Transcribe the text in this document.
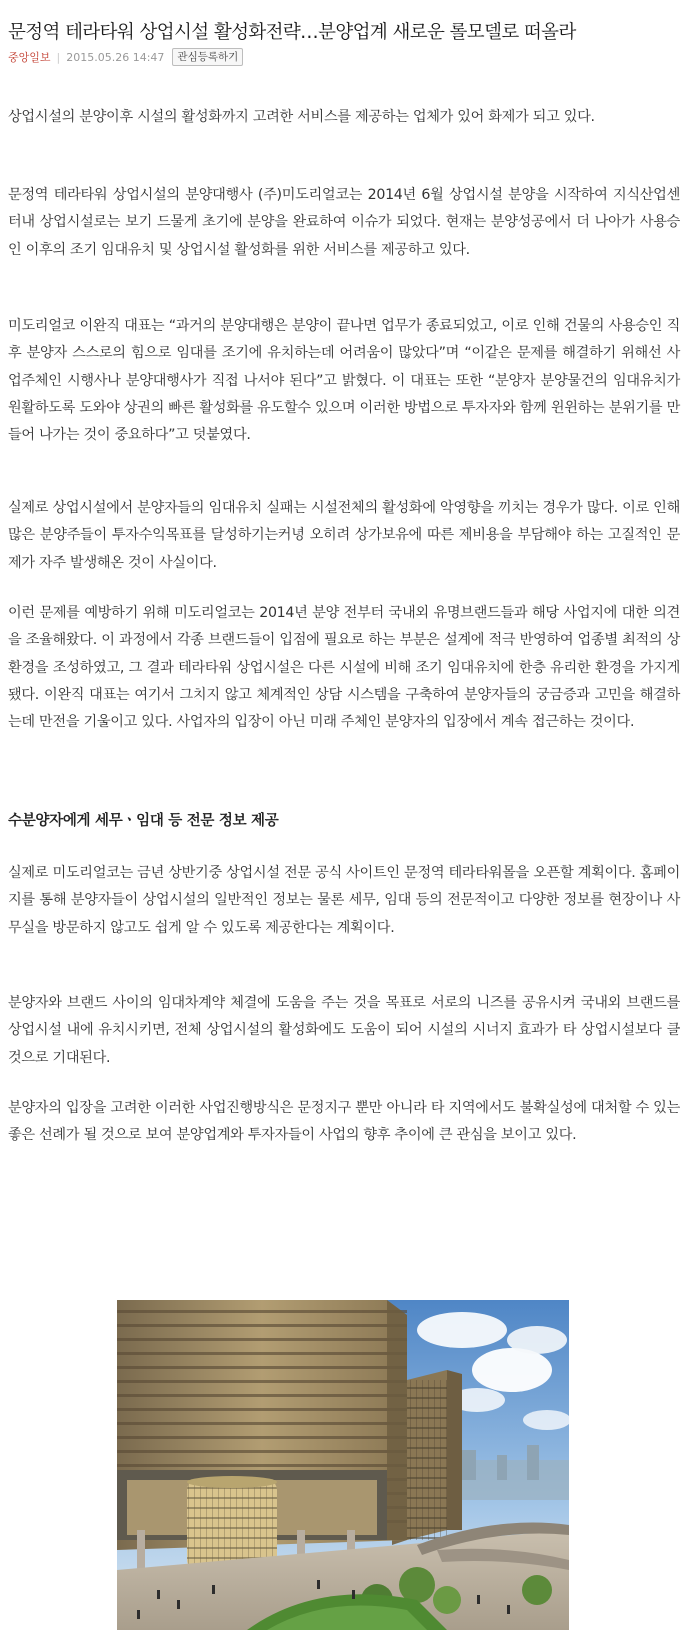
문정역 테라타워 상업시설 활성화전략…분양업계 새로운 롤모델로 떠올라
중앙일보 | 2015.05.26 14:47	관심등록하기

상업시설의 분양이후 시설의 활성화까지 고려한 서비스를 제공하는 업체가 있어 화제가 되고 있다.

문정역 테라타워 상업시설의 분양대행사 (주)미도리얼코는 2014년 6월 상업시설 분양을 시작하여 지식산업센터내 상업시설로는 보기 드물게 초기에 분양을 완료하여 이슈가 되었다. 현재는 분양성공에서 더 나아가 사용승인 이후의 조기 임대유치 및 상업시설 활성화를 위한 서비스를 제공하고 있다.

미도리얼코 이완직 대표는 “과거의 분양대행은 분양이 끝나면 업무가 종료되었고, 이로 인해 건물의 사용승인 직후 분양자 스스로의 힘으로 임대를 조기에 유치하는데 어려움이 많았다”며 “이같은 문제를 해결하기 위해선 사업주체인 시행사나 분양대행사가 직접 나서야 된다”고 밝혔다. 이 대표는 또한 “분양자 분양물건의 임대유치가 원활하도록 도와야 상권의 빠른 활성화를 유도할수 있으며 이러한 방법으로 투자자와 함께 윈윈하는 분위기를 만들어 나가는 것이 중요하다”고 덧붙였다.

실제로 상업시설에서 분양자들의 임대유치 실패는 시설전체의 활성화에 악영향을 끼치는 경우가 많다. 이로 인해 많은 분양주들이 투자수익목표를 달성하기는커녕 오히려 상가보유에 따른 제비용을 부담해야 하는 고질적인 문제가 자주 발생해온 것이 사실이다.

이런 문제를 예방하기 위해 미도리얼코는 2014년 분양 전부터 국내외 유명브랜드들과 해당 사업지에 대한 의견을 조율해왔다. 이 과정에서 각종 브랜드들이 입점에 필요로 하는 부분은 설계에 적극 반영하여 업종별 최적의 상환경을 조성하였고, 그 결과 테라타워 상업시설은 다른 시설에 비해 조기 임대유치에 한층 유리한 환경을 가지게 됐다. 이완직 대표는 여기서 그치지 않고 체계적인 상담 시스템을 구축하여 분양자들의 궁금증과 고민을 해결하는데 만전을 기울이고 있다. 사업자의 입장이 아닌 미래 주체인 분양자의 입장에서 계속 접근하는 것이다.

수분양자에게 세무ㆍ임대 등 전문 정보 제공

실제로 미도리얼코는 금년 상반기중 상업시설 전문 공식 사이트인 문정역 테라타워몰을 오픈할 계획이다. 홈페이지를 통해 분양자들이 상업시설의 일반적인 정보는 물론 세무, 임대 등의 전문적이고 다양한 정보를 현장이나 사무실을 방문하지 않고도 쉽게 알 수 있도록 제공한다는 계획이다.

분양자와 브랜드 사이의 임대차계약 체결에 도움을 주는 것을 목표로 서로의 니즈를 공유시켜 국내외 브랜드를 상업시설 내에 유치시키면, 전체 상업시설의 활성화에도 도움이 되어 시설의 시너지 효과가 타 상업시설보다 클 것으로 기대된다.

분양자의 입장을 고려한 이러한 사업진행방식은 문정지구 뿐만 아니라 타 지역에서도 불확실성에 대처할 수 있는 좋은 선례가 될 것으로 보여 분양업계와 투자자들이 사업의 향후 추이에 큰 관심을 보이고 있다.
